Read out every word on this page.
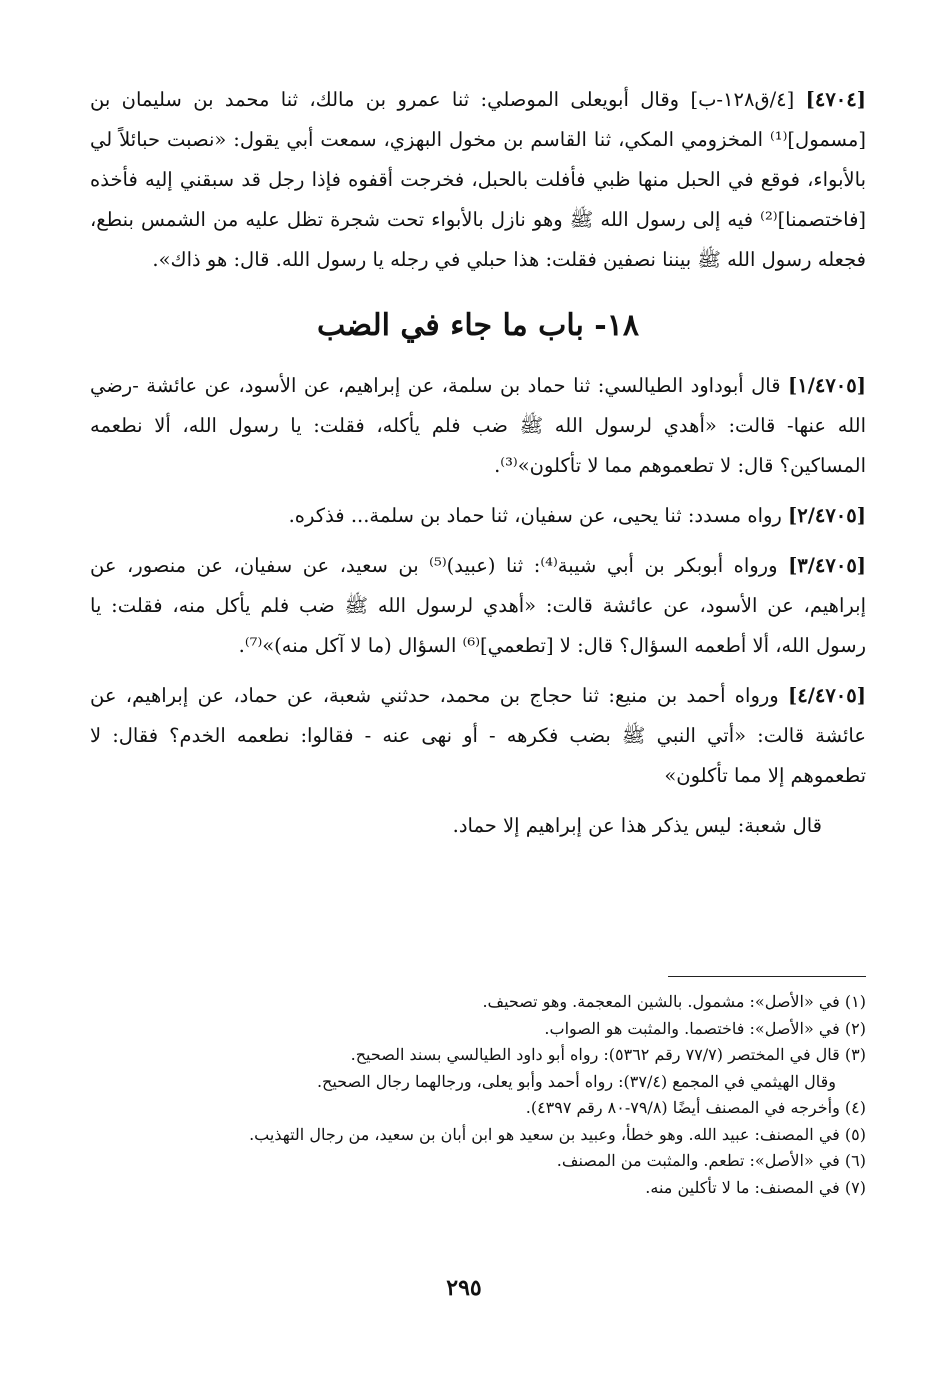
[٤٧٠٤] [٤/ق١٢٨-ب] وقال أبويعلى الموصلي: ثنا عمرو بن مالك، ثنا محمد بن سليمان بن [مسمول]⁽¹⁾ المخزومي المكي، ثنا القاسم بن مخول البهزي، سمعت أبي يقول: «نصبت حبائلاً لي بالأبواء، فوقع في الحبل منها ظبي فأفلت بالحبل، فخرجت أقفوه فإذا رجل قد سبقني إليه فأخذه [فاختصمنا]⁽²⁾ فيه إلى رسول الله ﷺ وهو نازل بالأبواء تحت شجرة تظل عليه من الشمس بنطع، فجعله رسول الله ﷺ بيننا نصفين فقلت: هذا حبلي في رجله يا رسول الله. قال: هو ذاك».

١٨- باب ما جاء في الضب

[١/٤٧٠٥] قال أبوداود الطيالسي: ثنا حماد بن سلمة، عن إبراهيم، عن الأسود، عن عائشة -رضي الله عنها- قالت: «أهدي لرسول الله ﷺ ضب فلم يأكله، فقلت: يا رسول الله، ألا نطعمه المساكين؟ قال: لا تطعموهم مما لا تأكلون»⁽³⁾.

[٢/٤٧٠٥] رواه مسدد: ثنا يحيى، عن سفيان، ثنا حماد بن سلمة... فذكره.

[٣/٤٧٠٥] ورواه أبوبكر بن أبي شيبة⁽⁴⁾: ثنا (عبيد)⁽⁵⁾ بن سعيد، عن سفيان، عن منصور، عن إبراهيم، عن الأسود، عن عائشة قالت: «أهدي لرسول الله ﷺ ضب فلم يأكل منه، فقلت: يا رسول الله، ألا أطعمه السؤال؟ قال: لا [تطعمي]⁽⁶⁾ السؤال (ما لا آكل منه)»⁽⁷⁾.

[٤/٤٧٠٥] ورواه أحمد بن منيع: ثنا حجاج بن محمد، حدثني شعبة، عن حماد، عن إبراهيم، عن عائشة قالت: «أتي النبي ﷺ بضب فكرهه - أو نهى عنه - فقالوا: نطعمه الخدم؟ فقال: لا تطعموهم إلا مما تأكلون»

قال شعبة: ليس يذكر هذا عن إبراهيم إلا حماد.

(١) في «الأصل»: مشمول. بالشين المعجمة. وهو تصحيف.
(٢) في «الأصل»: فاختصما. والمثبت هو الصواب.
(٣) قال في المختصر (٧٧/٧ رقم ٥٣٦٢): رواه أبو داود الطيالسي بسند الصحيح.
وقال الهيثمي في المجمع (٣٧/٤): رواه أحمد وأبو يعلى، ورجالهما رجال الصحيح.
(٤) وأخرجه في المصنف أيضًا (٧٩/٨-٨٠ رقم ٤٣٩٧).
(٥) في المصنف: عبيد الله. وهو خطأ، وعبيد بن سعيد هو ابن أبان بن سعيد، من رجال التهذيب.
(٦) في «الأصل»: تطعم. والمثبت من المصنف.
(٧) في المصنف: ما لا تأكلين منه.
٢٩٥
